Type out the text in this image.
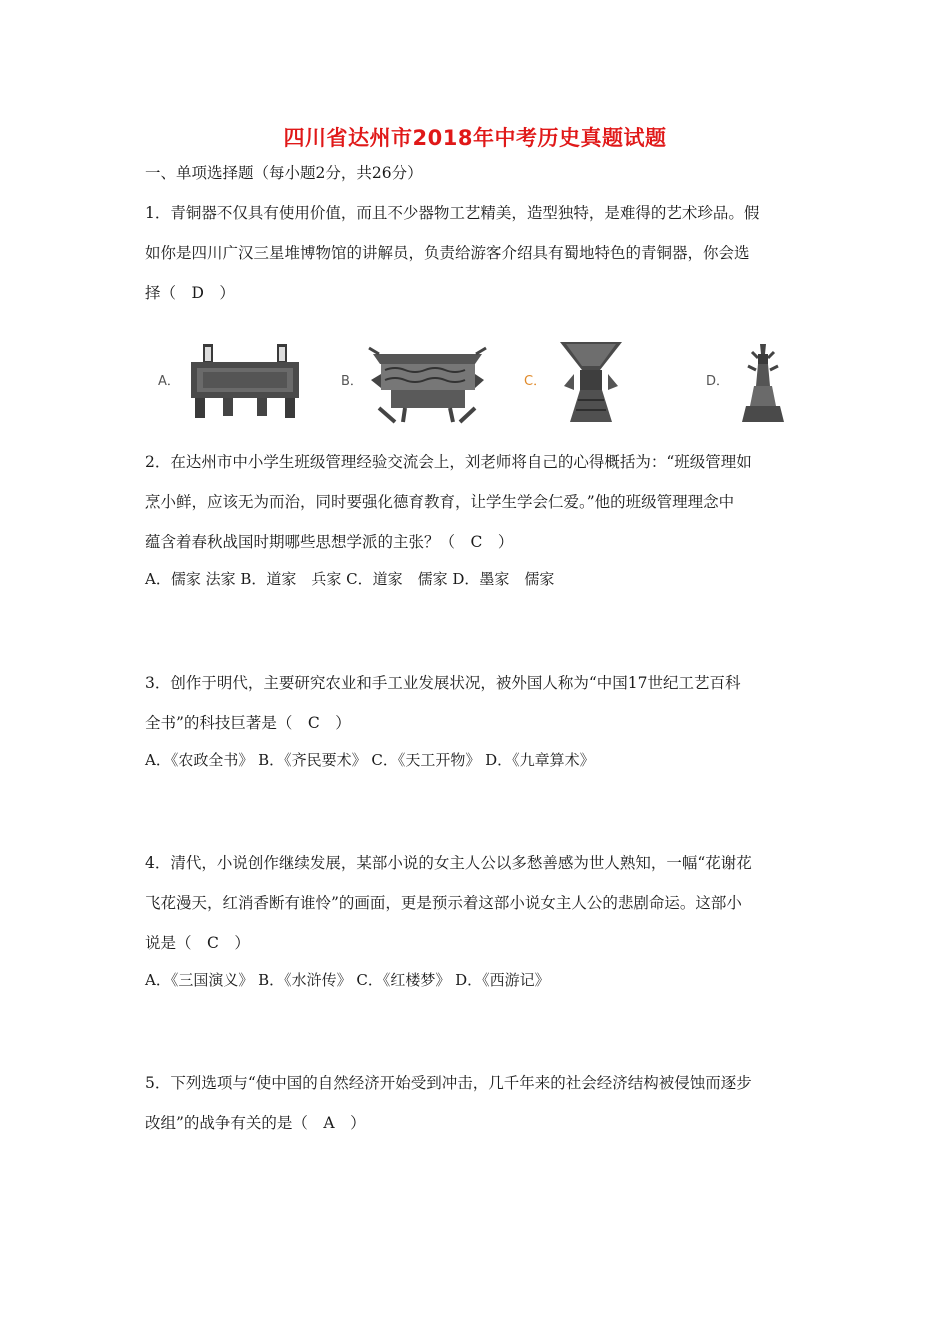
四川省达州市2018年中考历史真题试题
一、单项选择题（每小题2分，共26分）
1．青铜器不仅具有使用价值，而且不少器物工艺精美，造型独特，是难得的艺术珍品。假
如你是四川广汉三星堆博物馆的讲解员，负责给游客介绍具有蜀地特色的青铜器，你会选
择（　D　）
A．	B．	C．	D．
2．在达州市中小学生班级管理经验交流会上，刘老师将自己的心得概括为：“班级管理如
烹小鲜，应该无为而治，同时要强化德育教育，让学生学会仁爱。”他的班级管理理念中
蕴含着春秋战国时期哪些思想学派的主张？（　C　）
A．儒家 法家 B．道家　兵家 C．道家　儒家 D．墨家　儒家
3．创作于明代，主要研究农业和手工业发展状况，被外国人称为“中国17世纪工艺百科
全书”的科技巨著是（　C　）
A．《农政全书》 B．《齐民要术》 C．《天工开物》 D．《九章算术》
4．清代，小说创作继续发展，某部小说的女主人公以多愁善感为世人熟知，一幅“花谢花
飞花漫天，红消香断有谁怜”的画面，更是预示着这部小说女主人公的悲剧命运。这部小
说是（　C　）
A．《三国演义》 B．《水浒传》 C．《红楼梦》 D．《西游记》
5．下列选项与“使中国的自然经济开始受到冲击，几千年来的社会经济结构被侵蚀而逐步
改组”的战争有关的是（　A　）
